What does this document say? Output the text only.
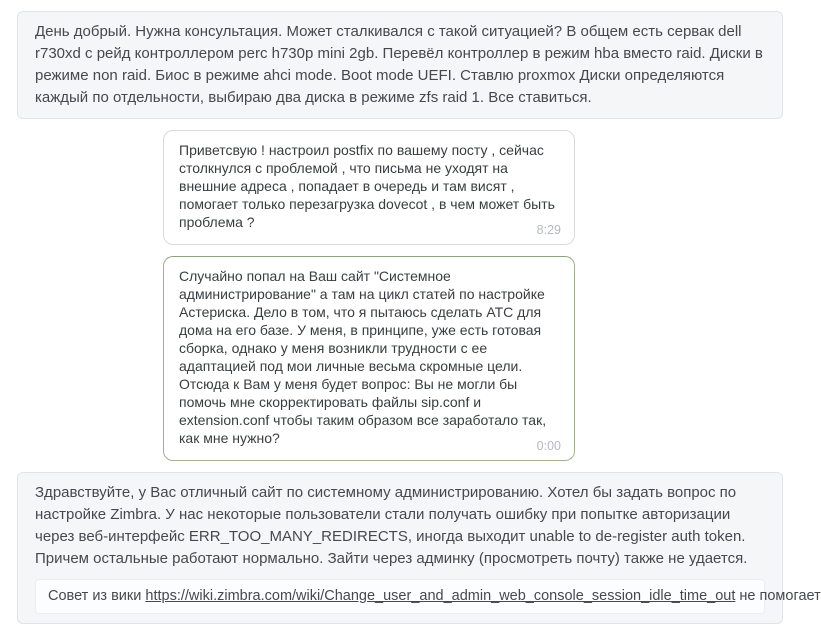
День добрый. Нужна консультация. Может сталкивался с такой ситуацией? В общем есть сервак dell r730xd с рейд контроллером perc h730p mini 2gb. Перевёл контроллер в режим hba вместо raid. Диски в режиме non raid. Биос в режиме ahci mode. Boot mode UEFI. Ставлю proxmox Диски определяются каждый по отдельности, выбираю два диска в режиме zfs raid 1. Все ставиться.
Приветсвую ! настроил postfix по вашему посту , сейчас столкнулся с проблемой , что письма не уходят на внешние адреса , попадает в очередь и там висят , помогает только перезагрузка dovecot , в чем может быть проблема ?	8:29
Случайно попал на Ваш сайт "Системное администрирование" а там на цикл статей по настройке Астериска. Дело в том, что я пытаюсь сделать АТС для дома на его базе. У меня, в принципе, уже есть готовая сборка, однако у меня возникли трудности с ее адаптацией под мои личные весьма скромные цели. Отсюда к Вам у меня будет вопрос: Вы не могли бы помочь мне скорректировать файлы sip.conf и extension.conf чтобы таким образом все заработало так, как мне нужно?	0:00
Здравствуйте, у Вас отличный сайт по системному администрированию. Хотел бы задать вопрос по настройке Zimbra. У нас некоторые пользователи стали получать ошибку при попытке авторизации через веб-интерфейс ERR_TOO_MANY_REDIRECTS, иногда выходит unable to de-register auth token. Причем остальные работают нормально. Зайти через админку (просмотреть почту) также не удается.
Совет из вики https://wiki.zimbra.com/wiki/Change_user_and_admin_web_console_session_idle_time_out не помогает
